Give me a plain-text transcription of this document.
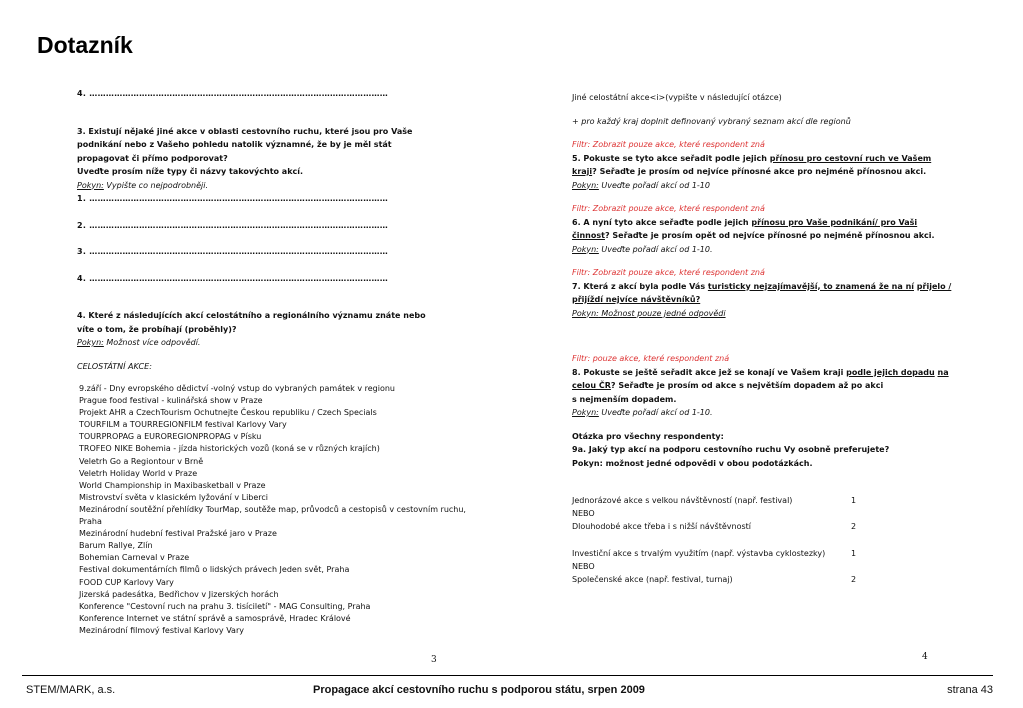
Dotazník
4. ………………………………………………………………………………………………
3. Existují nějaké jiné akce v oblasti cestovního ruchu, které jsou pro Vaše
podnikání nebo z Vašeho pohledu natolik významné, že by je měl stát
propagovat či přímo podporovat?
Uveďte prosím níže typy či názvy takovýchto akcí.
Pokyn: Vypište co nejpodrobněji.
1. ………………………………………………………………………………………………
2. ………………………………………………………………………………………………
3. ………………………………………………………………………………………………
4. ………………………………………………………………………………………………
4. Které z následujících akcí celostátního a regionálního významu znáte nebo
víte o tom, že probíhají (proběhly)?
Pokyn: Možnost více odpovědí.
CELOSTÁTNÍ AKCE:
9.září - Dny evropského dědictví -volný vstup do vybraných památek v regionu
Prague food festival - kulinářská show v Praze
Projekt AHR a CzechTourism Ochutnejte Českou republiku / Czech Specials
TOURFILM a TOURREGIONFILM festival Karlovy Vary
TOURPROPAG a EUROREGIONPROPAG v Písku
TROFEO NIKE Bohemia - jízda historických vozů (koná se v různých krajích)
Veletrh Go a Regiontour v Brně
Veletrh Holiday World v Praze
World Championship in Maxibasketball v Praze
Mistrovství světa v klasickém lyžování v Liberci
Mezinárodní soutěžní přehlídky TourMap, soutěže map, průvodců a cestopisů v cestovním ruchu, Praha
Mezinárodní hudební festival Pražské jaro v Praze
Barum Rallye, Zlín
Bohemian Carneval v Praze
Festival dokumentárních filmů o lidských právech Jeden svět, Praha
FOOD CUP Karlovy Vary
Jizerská padesátka, Bedřichov v Jizerských horách
Konference "Cestovní ruch na prahu 3. tisíciletí" - MAG Consulting, Praha
Konference Internet ve státní správě a samosprávě, Hradec Králové
Mezinárodní filmový festival Karlovy Vary
3
Jiné celostátní akce<i>(vypište v následující otázce)
+ pro každý kraj doplnit definovaný vybraný seznam akcí dle regionů
Filtr: Zobrazit pouze akce, které respondent zná
5. Pokuste se tyto akce seřadit podle jejich přínosu pro cestovní ruch ve Vašem kraji? Seřaďte je prosím od nejvíce přínosné akce pro nejméně přínosnou akci.
Pokyn: Uveďte pořadí akcí od 1-10
Filtr: Zobrazit pouze akce, které respondent zná
6. A nyní tyto akce seřaďte podle jejich přínosu pro Vaše podnikání/ pro Vaši činnost? Seřaďte je prosím opět od nejvíce přínosné po nejméně přínosnou akci.
Pokyn: Uveďte pořadí akcí od 1-10.
Filtr: Zobrazit pouze akce, které respondent zná
7. Která z akcí byla podle Vás turisticky nejzajímavější, to znamená že na ní přijelo / přijíždí nejvíce návštěvníků?
Pokyn: Možnost pouze jedné odpovědi
Filtr: pouze akce, které respondent zná
8. Pokuste se ještě seřadit akce jež se konají ve Vašem kraji podle jejich dopadu na celou ČR? Seřaďte je prosím od akce s největším dopadem až po akci
s nejmenším dopadem.
Pokyn: Uveďte pořadí akcí od 1-10.
Otázka pro všechny respondenty:
9a. Jaký typ akcí na podporu cestovního ruchu Vy osobně preferujete?
Pokyn: možnost jedné odpovědi v obou podotázkách.
Jednorázové akce s velkou návštěvností (např. festival)	1
NEBO
Dlouhodobé akce třeba i s nižší návštěvností	2
Investiční akce s trvalým využitím (např. výstavba cyklostezky)	1
NEBO
Společenské akce (např. festival, turnaj)	2
4
STEM/MARK, a.s.	Propagace akcí cestovního ruchu s podporou státu, srpen 2009	strana 43
